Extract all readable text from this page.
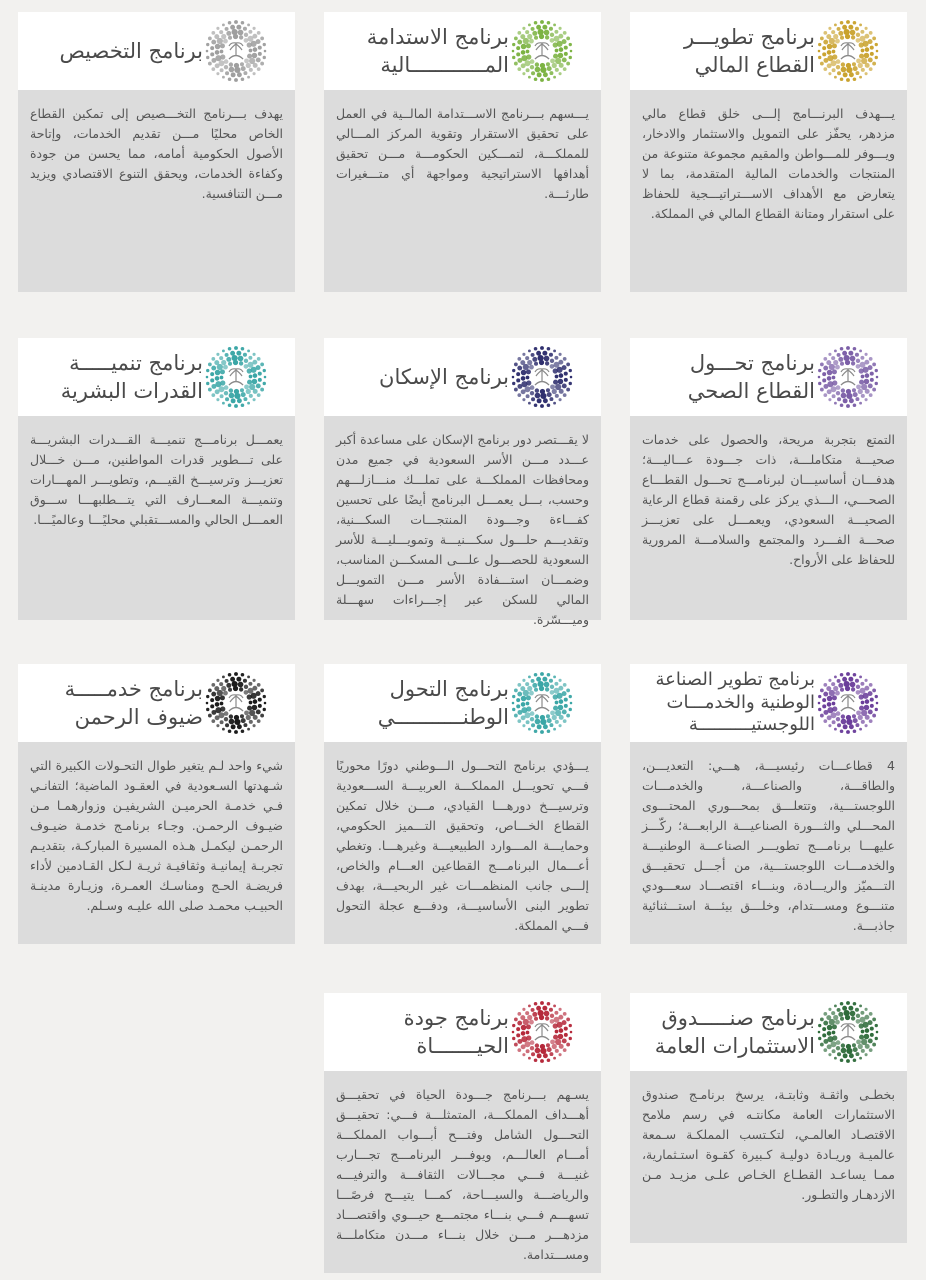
برنامج تطويـــر
القطاع المالي
يـــهدف البرنـــامج إلـــى خلق قطاع مالي مزدهر، يحفّز على التمويل والاستثمار والادخار، ويـــوفر للمـــواطن والمقيم مجموعة متنوعة من المنتجات والخدمات المالية المتقدمة، بما لا يتعارض مع الأهداف الاســـتراتيـــجية للحفاظ على استقرار ومتانة القطاع المالي في المملكة.
برنامج الاستدامة
المــــــــــــالية
يـــسهم بـــرنامج الاســـتدامة المالــية في العمل على تحقيق الاستقرار وتقوية المركز المـــالي للمملكـــة، لتمـــكين الحكومـــة مـــن تحقيق أهدافها الاستراتيجية ومواجهة أي متـــغيرات طارئـــة.
برنامج التخصيص
يهدف بـــرنامج التخـــصيص إلى تمكين القطاع الخاص محليًا مـــن تقديم الخدمات، وإتاحة الأصول الحكومية أمامه، مما يحسن من جودة وكفاءة الخدمات، ويحقق التنوع الاقتصادي ويزيد مـــن التنافسية.
برنامج تحـــول
القطاع الصحي
التمتع بتجربة مريحة، والحصول على خدمات صحيـــة متكاملـــة، ذات جـــودة عـــاليـــة؛ هدفـــان أساسيـــان لبرنامـــج تحـــول القطـــاع الصحـــي، الـــذي يركز على رقمنة قطاع الرعاية الصحيـــة السعودي، ويعمـــل على تعزيـــز صحـــة الفـــرد والمجتمع والسلامـــة المرورية للحفاظ على الأرواح.
برنامج الإسكان
لا يقـــتصر دور برنامج الإسكان على مساعدة أكبر عـــدد مـــن الأسر السعودية في جميع مدن ومحافظات المملكـــة على تملـــك منـــازلـــهم وحسب، بـــل يعمـــل البرنامج أيضًا على تحسين كفـــاءة وجـــودة المنتجـــات السكـــنية، وتقديـــم حلـــول سكـــنيـــة وتمويـــليـــة للأسر السعودية للحصـــول علـــى المسكـــن المناسب، وضمـــان استـــفادة الأسر مـــن التمويـــل المالي للسكن عبر إجـــراءات سهـــلة وميـــسّرة.
برنامج تنميـــــة
القدرات البشرية
يعمـــل برنامـــج تنميـــة القـــدرات البشريـــة على تـــطوير قدرات المواطنين، مـــن خـــلال تعزيـــز وترسيـــخ القيـــم، وتطويـــر المهـــارات وتنميـــة المعـــارف التي يتـــطلبهـــا ســـوق العمـــل الحالي والمســـتقبلي محليًـــا وعالميًـــا.
برنامج تطوير الصناعة
الوطنية والخدمـــات
اللوجستيــــــــــة
4 قطاعـــات رئيسيـــة، هـــي: التعديـــن، والطاقـــة، والصناعـــة، والخدمـــات اللوجستـــية، وتتعلـــق بمحـــوري المحتـــوى المحـــلي والثـــورة الصناعيـــة الرابعـــة؛ ركّـــز عليهـــا برنامـــج تطويـــر الصناعـــة الوطنيـــة والخدمـــات اللوجستـــية، من أجـــل تحقيـــق التـــميّز والريـــادة، وبنـــاء اقتصـــاد سعـــودي متنـــوع ومســـتدام، وخلـــق بيئـــة استـــثنائية جاذبـــة.
برنامج التحول
الوطنـــــــــــي
يـــؤدي برنامج التحـــول الـــوطني دورًا محوريًا فـــي تحويـــل المملكـــة العربيـــة الســـعودية وترسيـــخ دورهـــا القيادي، مـــن خلال تمكين القطاع الخـــاص، وتحقيق التـــميز الحكومي، وحمايـــة المـــوارد الطبيعيـــة وغيرهـــا. وتغطي أعـــمال البرنامـــج القطاعين العـــام والخاص، إلـــى جانب المنظمـــات غير الربحيـــة، بهدف تطوير البنى الأساسيـــة، ودفـــع عجلة التحول فـــي المملكة.
برنامج خدمـــــة
ضيوف الرحمن
شيء واحد لـم يتغير طوال التحـولات الكبيرة التي شـهدتها السـعودية في العقـود الماضية؛ التفانـي فـي خدمـة الحرميـن الشريفيـن وزوارهمـا مـن ضيـوف الرحمـن. وجـاء برنامـج خدمـة ضيـوف الرحمـن ليكمـل هـذه المسيرة المباركـة، بتقديـم تجربـة إيمانيـة وثقافيـة ثريـة لـكل القـادمين لأداء فريضـة الحـج ومناسـك العمـرة، وزيـارة مدينـة الحبيـب محمـد صلى الله عليـه وسـلم.
برنامج صنـــــدوق
الاستثمارات العامة
بخطـى واثقـة وثابتـة، يرسخ برنامـج صندوق الاستثمارات العامة مكانتـه في رسم ملامح الاقتصـاد العالمـي، لتكـتسب المملكـة سـمعة عالميـة وريـادة دوليـة كـبيرة كقـوة استـثمارية، ممـا يساعـد القطـاع الخـاص علـى مزيـد مـن الازدهـار والتطـور.
برنامج جودة
الحيـــــــاة
يسـهم بـــرنامج جـــودة الحياة في تحقيـــق أهـــداف المملكـــة، المتمثلـــة فـــي: تحقيـــق التحـــول الشامل وفتـــح أبـــواب المملكـــة أمـــام العالـــم، ويوفـــر البرنامـــج تجـــارب غنيـــة فـــي مجـــالات الثقافـــة والترفيـــه والرياضـــة والسيـــاحة، كمـــا يتيـــح فرصًـــا تسهـــم فـــي بنـــاء مجتمـــع حيـــوي واقتصـــاد مزدهـــر مـــن خلال بنـــاء مـــدن متكاملـــة ومســـتدامة.
